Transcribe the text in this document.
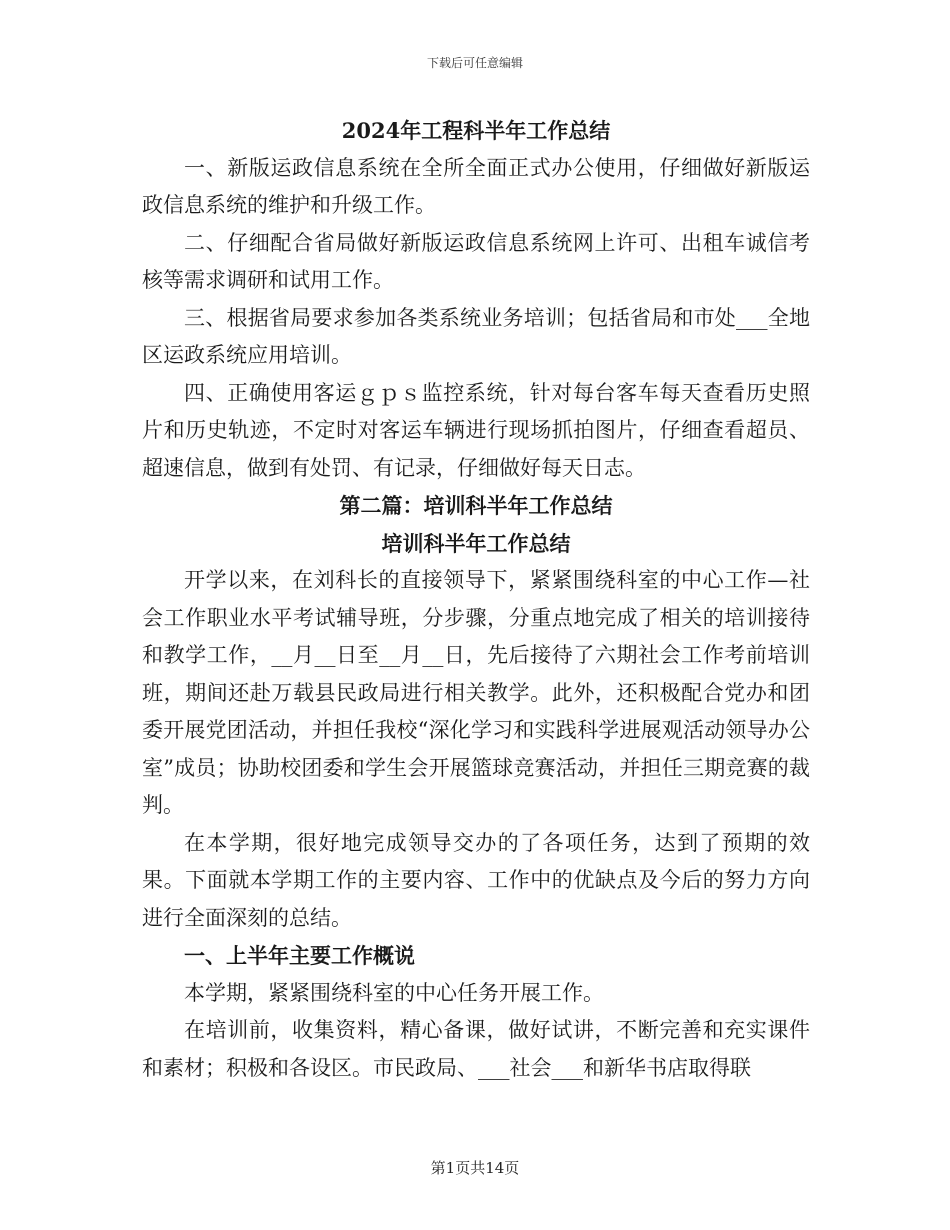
下载后可任意编辑

2024年工程科半年工作总结

一、新版运政信息系统在全所全面正式办公使用，仔细做好新版运政信息系统的维护和升级工作。

二、仔细配合省局做好新版运政信息系统网上许可、出租车诚信考核等需求调研和试用工作。

三、根据省局要求参加各类系统业务培训；包括省局和市处___全地区运政系统应用培训。

四、正确使用客运ｇｐｓ监控系统，针对每台客车每天查看历史照片和历史轨迹，不定时对客运车辆进行现场抓拍图片，仔细查看超员、超速信息，做到有处罚、有记录，仔细做好每天日志。

第二篇：培训科半年工作总结

培训科半年工作总结

开学以来，在刘科长的直接领导下，紧紧围绕科室的中心工作—社会工作职业水平考试辅导班，分步骤，分重点地完成了相关的培训接待和教学工作，__月__日至__月__日，先后接待了六期社会工作考前培训班，期间还赴万载县民政局进行相关教学。此外，还积极配合党办和团委开展党团活动，并担任我校“深化学习和实践科学进展观活动领导办公室”成员；协助校团委和学生会开展篮球竞赛活动，并担任三期竞赛的裁判。

在本学期，很好地完成领导交办的了各项任务，达到了预期的效果。下面就本学期工作的主要内容、工作中的优缺点及今后的努力方向进行全面深刻的总结。

一、上半年主要工作概说

本学期，紧紧围绕科室的中心任务开展工作。

在培训前，收集资料，精心备课，做好试讲，不断完善和充实课件和素材；积极和各设区。市民政局、___社会___和新华书店取得联

第1页共14页
